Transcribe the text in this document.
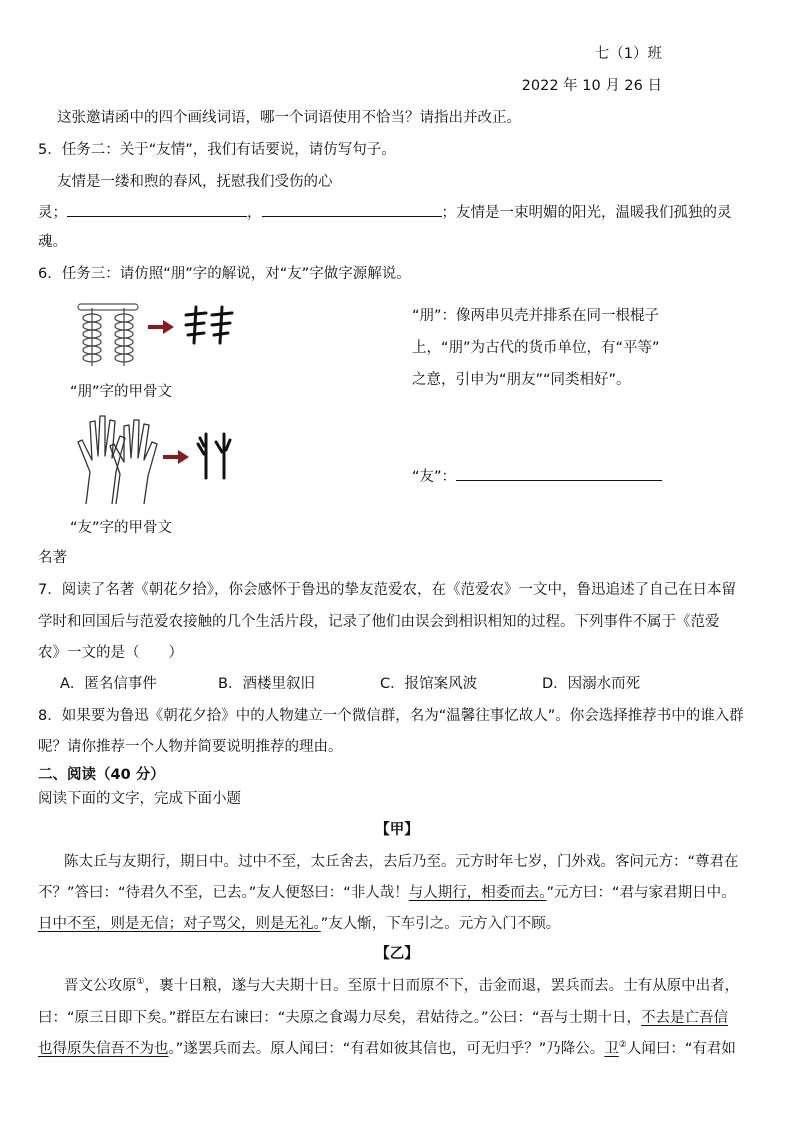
七（1）班
2022 年 10 月 26 日
这张邀请函中的四个画线词语，哪一个词语使用不恰当？请指出并改正。
5．任务二：关于“友情”，我们有话要说，请仿写句子。
友情是一缕和煦的春风，抚慰我们受伤的心
灵；	，	；友情是一束明媚的阳光，温暖我们孤独的灵
魂。
6．任务三：请仿照“朋”字的解说，对“友”字做字源解说。
“朋”字的甲骨文
“朋”：像两串贝壳并排系在同一根棍子
上，“朋”为古代的货币单位，有“平等”
之意，引申为“朋友”“同类相好”。
“友”：
“友”字的甲骨文
名著
7．阅读了名著《朝花夕拾》，你会感怀于鲁迅的挚友范爱农，在《范爱农》一文中，鲁迅追述了自己在日本留
学时和回国后与范爱农接触的几个生活片段，记录了他们由误会到相识相知的过程。下列事件不属于《范爱
农》一文的是（　　）
A．匿名信事件	B．酒楼里叙旧	C．报馆案风波	D．因溺水而死
8．如果要为鲁迅《朝花夕拾》中的人物建立一个微信群，名为“温馨往事忆故人”。你会选择推荐书中的谁入群
呢？请你推荐一个人物并简要说明推荐的理由。
二、阅读（40 分）
阅读下面的文字，完成下面小题
【甲】
陈太丘与友期行，期日中。过中不至，太丘舍去，去后乃至。元方时年七岁，门外戏。客问元方：“尊君在
不？”答曰：“待君久不至，已去。”友人便怒曰：“非人哉！与人期行，相委而去。”元方曰：“君与家君期日中。
日中不至，则是无信；对子骂父，则是无礼。”友人惭，下车引之。元方入门不顾。
【乙】
晋文公攻原①，裹十日粮，遂与大夫期十日。至原十日而原不下，击金而退，罢兵而去。士有从原中出者，
曰：“原三日即下矣。”群臣左右谏曰：“夫原之食竭力尽矣，君姑待之。”公曰：“吾与士期十日，不去是亡吾信
也得原失信吾不为也。”遂罢兵而去。原人闻曰：“有君如彼其信也，可无归乎？”乃降公。卫②人闻曰：“有君如
